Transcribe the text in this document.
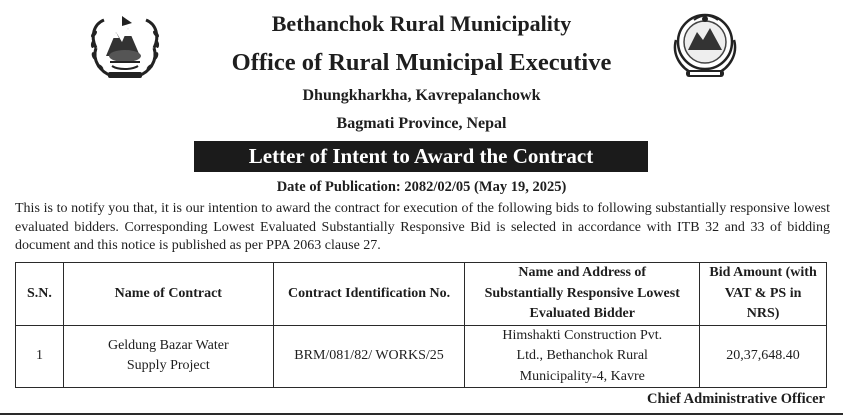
Bethanchok Rural Municipality
Office of Rural Municipal Executive
Dhungkharkha, Kavrepalanchowk
Bagmati Province, Nepal
Letter of Intent to Award the Contract
Date of Publication: 2082/02/05 (May 19, 2025)
This is to notify you that, it is our intention to award the contract for execution of the following bids to following substantially responsive lowest evaluated bidders. Corresponding Lowest Evaluated Substantially Responsive Bid is selected in accordance with ITB 32 and 33 of bidding document and this notice is published as per PPA 2063 clause 27.
S.N.	Name of Contract	Contract Identification No.	Name and Address of Substantially Responsive Lowest Evaluated Bidder	Bid Amount (with VAT & PS in NRS)
1	Geldung Bazar Water Supply Project	BRM/081/82/ WORKS/25	Himshakti Construction Pvt. Ltd., Bethanchok Rural Municipality-4, Kavre	20,37,648.40
Chief Administrative Officer
